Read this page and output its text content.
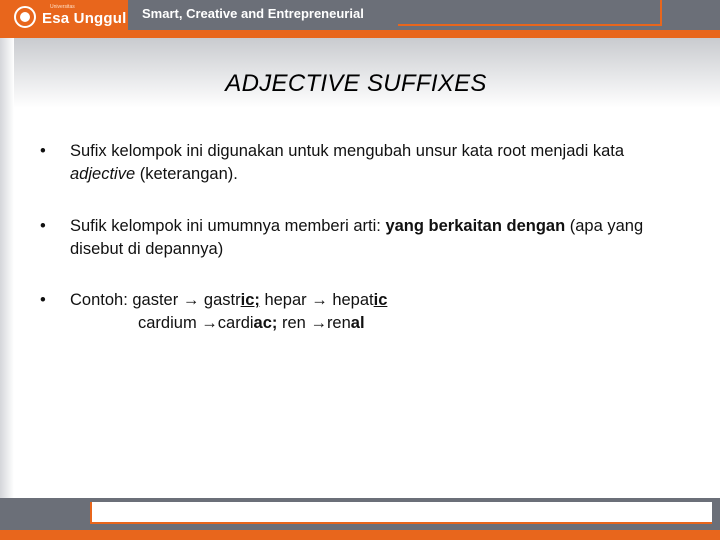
Universitas
Esa Unggul Smart, Creative and Entrepreneurial
ADJECTIVE SUFFIXES
• Sufix kelompok ini digunakan untuk mengubah unsur kata root menjadi kata adjective (keterangan).
• Sufik kelompok ini umumnya memberi arti: yang berkaitan dengan (apa yang disebut di depannya)
• Contoh: gaster → gastric; hepar → hepatic
cardium →cardiac; ren →renal
